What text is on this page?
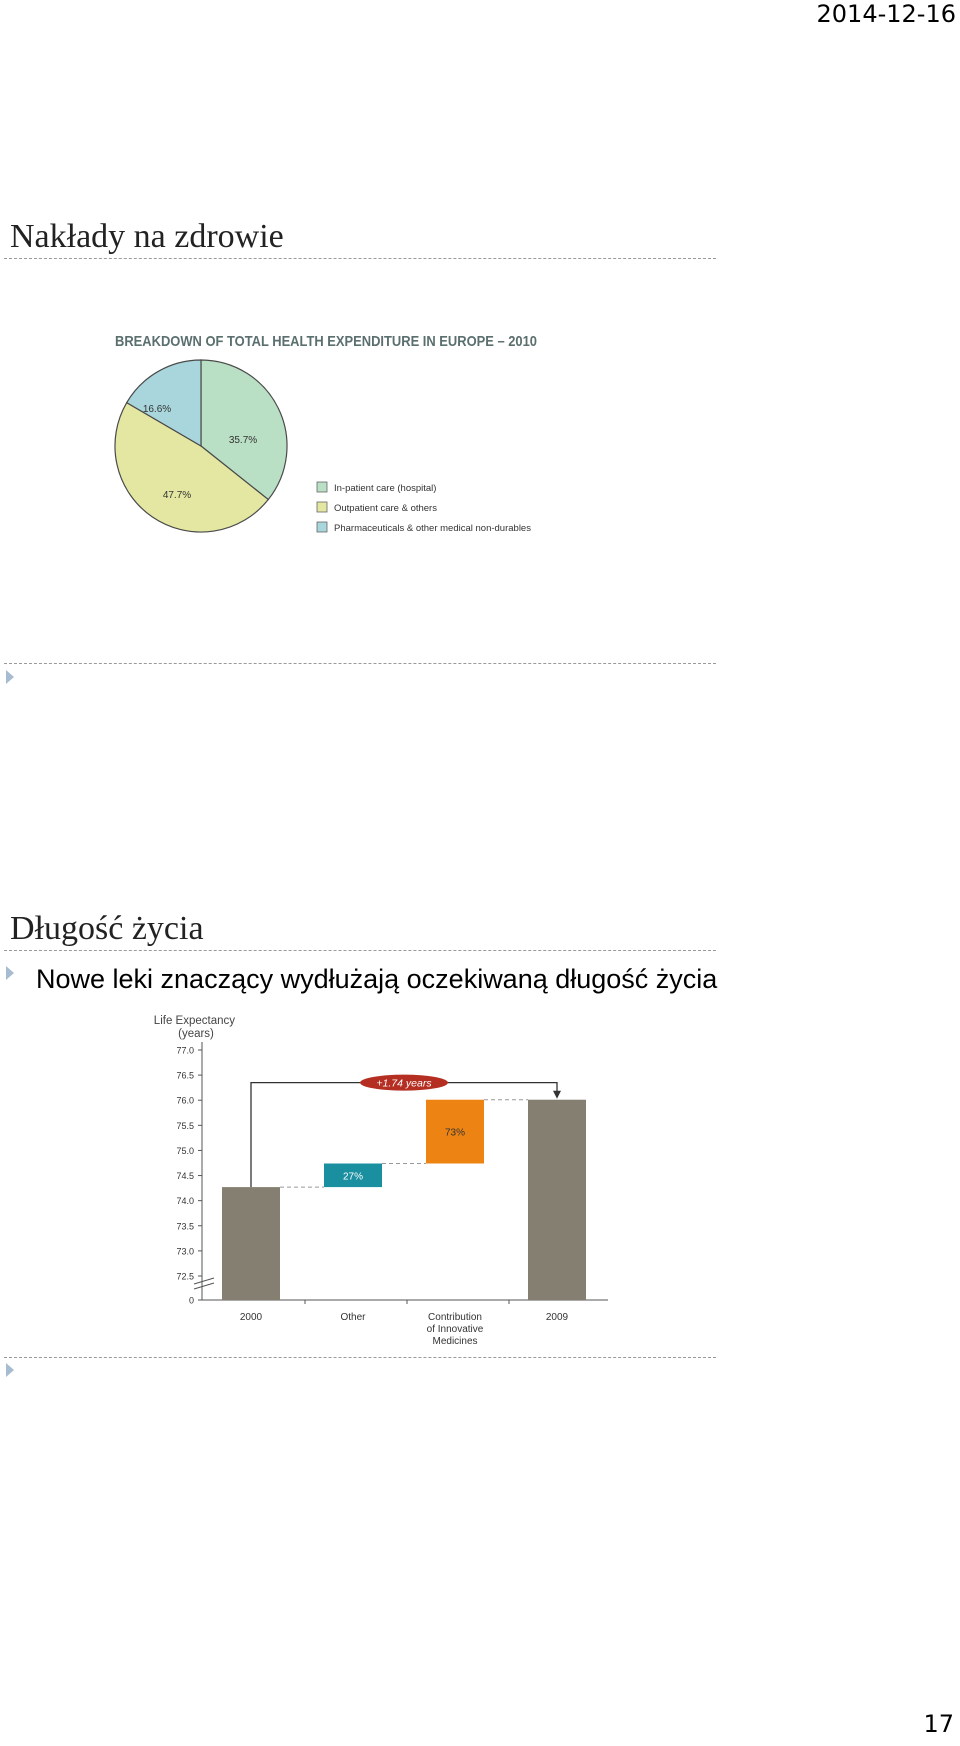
2014-12-16
Nakłady na zdrowie
BREAKDOWN OF TOTAL HEALTH EXPENDITURE IN EUROPE – 2010
35.7%
47.7%
16.6%
In-patient care (hospital)
Outpatient care & others
Pharmaceuticals & other medical non-durables
Długość życia
Nowe leki znaczący wydłużają oczekiwaną długość życia
Life Expectancy (years)
0
72.5
73.0
73.5
74.0
74.5
75.0
75.5
76.0
76.5
77.0
27%
73%
2000	Other	Contribution of Innovative Medicines
2009
+1.74 years
17
